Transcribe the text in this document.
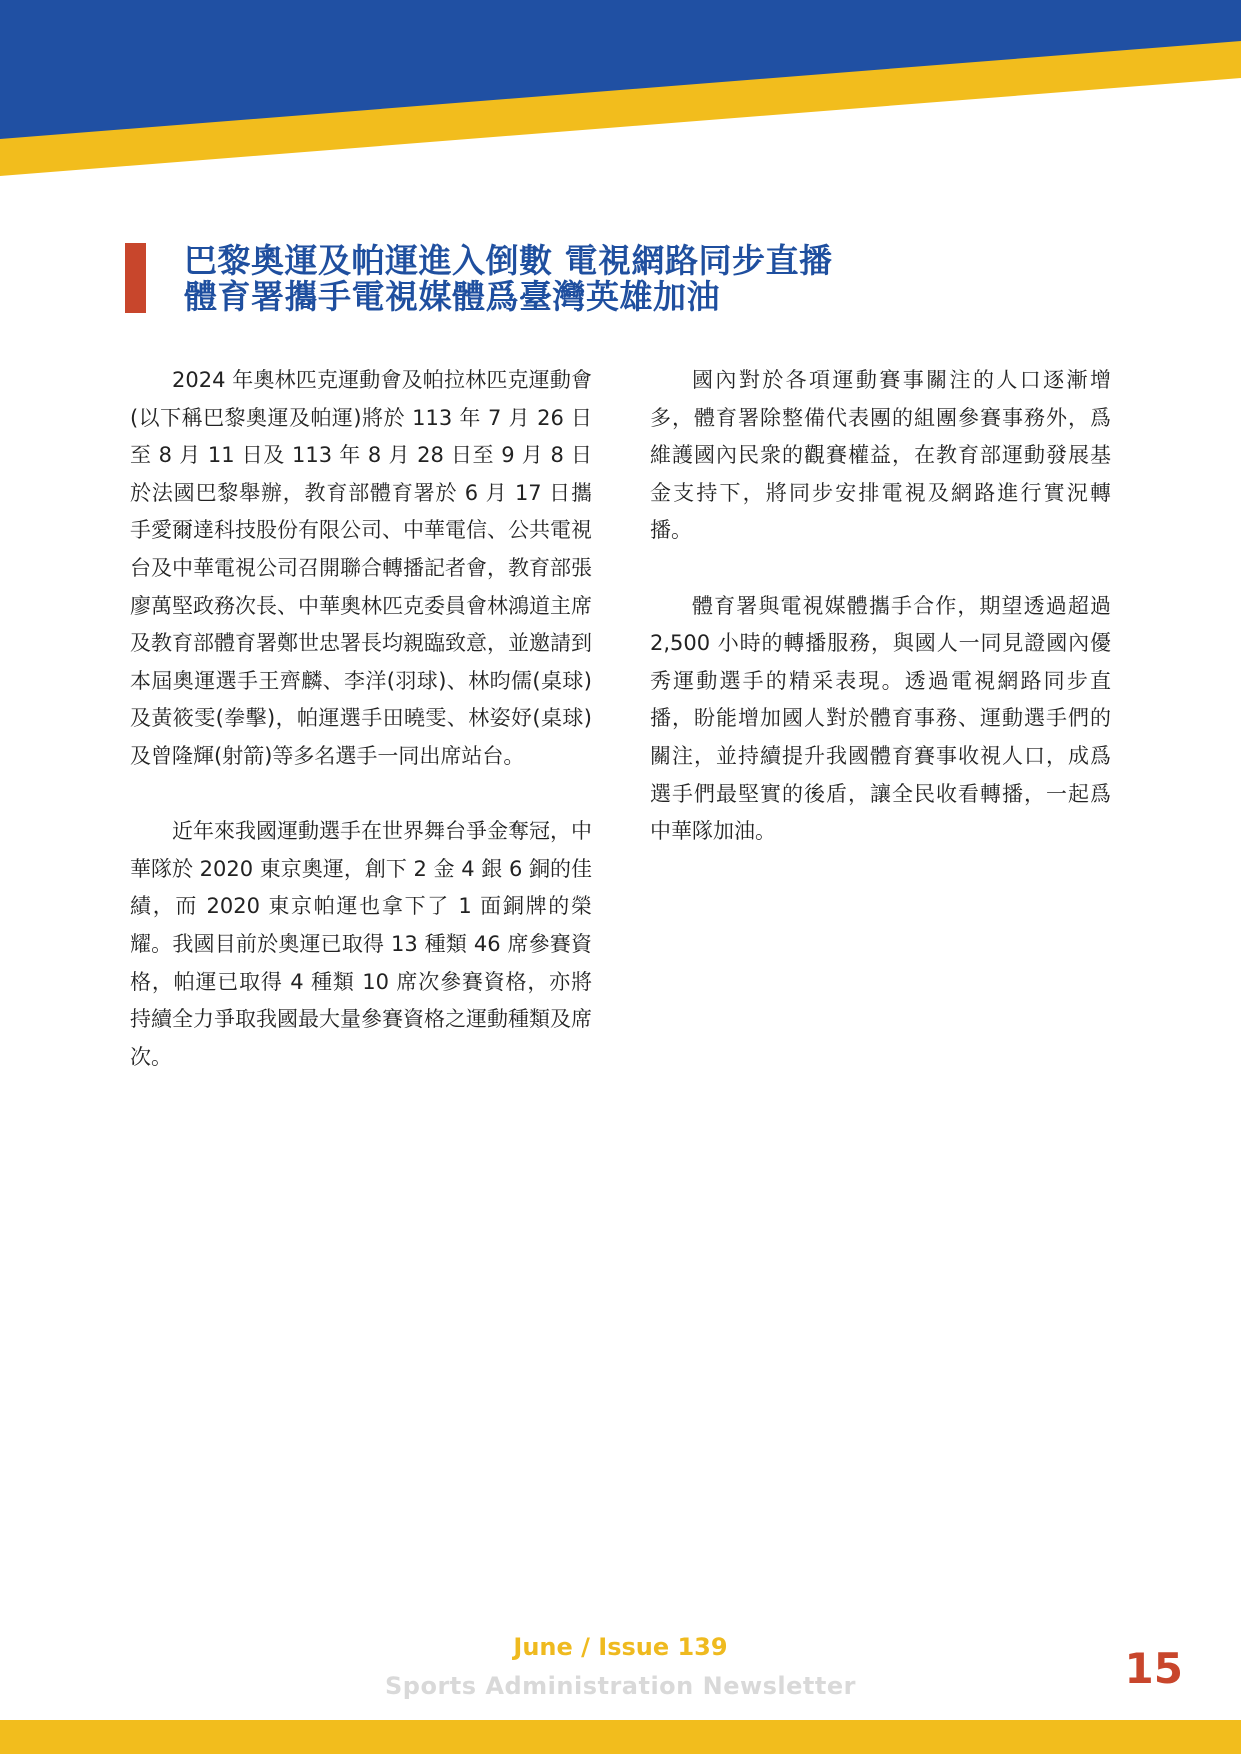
巴黎奧運及帕運進入倒數 電視網路同步直播
體育署攜手電視媒體爲臺灣英雄加油

2024 年奧林匹克運動會及帕拉林匹克運動會(以下稱巴黎奧運及帕運)將於 113 年 7 月 26 日至 8 月 11 日及 113 年 8 月 28 日至 9 月 8 日於法國巴黎舉辦，教育部體育署於 6 月 17 日攜手愛爾達科技股份有限公司、中華電信、公共電視台及中華電視公司召開聯合轉播記者會，教育部張廖萬堅政務次長、中華奧林匹克委員會林鴻道主席及教育部體育署鄭世忠署長均親臨致意，並邀請到本屆奧運選手王齊麟、李洋(羽球)、林昀儒(桌球)及黃筱雯(拳擊)，帕運選手田曉雯、林姿妤(桌球)及曾隆輝(射箭)等多名選手一同出席站台。

近年來我國運動選手在世界舞台爭金奪冠，中華隊於 2020 東京奧運，創下 2 金 4 銀 6 銅的佳績，而 2020 東京帕運也拿下了 1 面銅牌的榮耀。我國目前於奧運已取得 13 種類 46 席參賽資格，帕運已取得 4 種類 10 席次參賽資格，亦將持續全力爭取我國最大量參賽資格之運動種類及席次。

國內對於各項運動賽事關注的人口逐漸增多，體育署除整備代表團的組團參賽事務外，爲維護國內民衆的觀賽權益，在教育部運動發展基金支持下，將同步安排電視及網路進行實況轉播。

體育署與電視媒體攜手合作，期望透過超過 2,500 小時的轉播服務，與國人一同見證國內優秀運動選手的精采表現。透過電視網路同步直播，盼能增加國人對於體育事務、運動選手們的關注，並持續提升我國體育賽事收視人口，成爲選手們最堅實的後盾，讓全民收看轉播，一起爲中華隊加油。

June / Issue 139
Sports Administration Newsletter	15
